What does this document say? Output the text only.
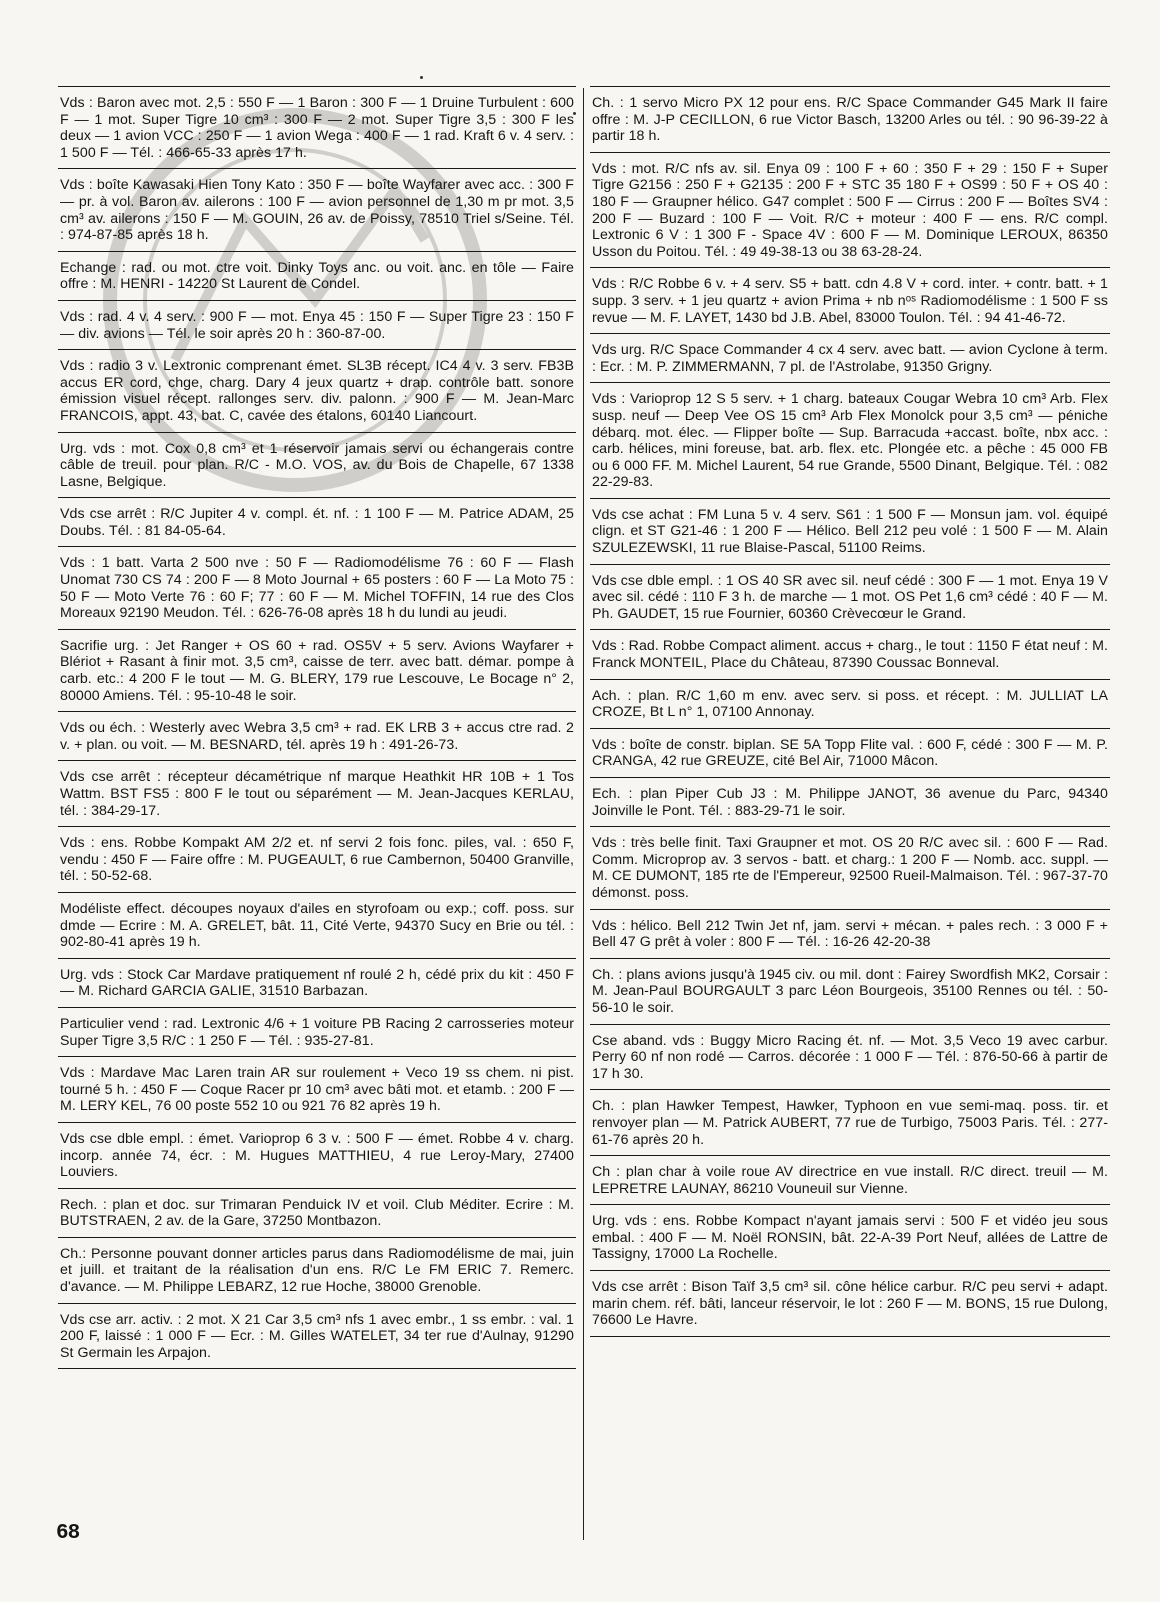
Vds : Baron avec mot. 2,5 : 550 F — 1 Baron : 300 F — 1 Druine Turbulent : 600 F — 1 mot. Super Tigre 10 cm³ : 300 F — 2 mot. Super Tigre 3,5 : 300 F les deux — 1 avion VCC : 250 F — 1 avion Wega : 400 F — 1 rad. Kraft 6 v. 4 serv. : 1 500 F — Tél. : 466-65-33 après 17 h.
Vds : boîte Kawasaki Hien Tony Kato : 350 F — boîte Wayfarer avec acc. : 300 F — pr. à vol. Baron av. ailerons : 100 F — avion personnel de 1,30 m pr mot. 3,5 cm³ av. ailerons : 150 F — M. GOUIN, 26 av. de Poissy, 78510 Triel s/Seine. Tél. : 974-87-85 après 18 h.
Echange : rad. ou mot. ctre voit. Dinky Toys anc. ou voit. anc. en tôle — Faire offre : M. HENRI - 14220 St Laurent de Condel.
Vds : rad. 4 v. 4 serv. : 900 F — mot. Enya 45 : 150 F — Super Tigre 23 : 150 F — div. avions — Tél. le soir après 20 h : 360-87-00.
Vds : radio 3 v. Lextronic comprenant émet. SL3B récept. IC4 4 v. 3 serv. FB3B accus ER cord, chge, charg. Dary 4 jeux quartz + drap. contrôle batt. sonore émission visuel récept. rallonges serv. div. palonn. : 900 F — M. Jean-Marc FRANCOIS, appt. 43, bat. C, cavée des étalons, 60140 Liancourt.
Urg. vds : mot. Cox 0,8 cm³ et 1 réservoir jamais servi ou échangerais contre câble de treuil. pour plan. R/C - M.O. VOS, av. du Bois de Chapelle, 67 1338 Lasne, Belgique.
Vds cse arrêt : R/C Jupiter 4 v. compl. ét. nf. : 1 100 F — M. Patrice ADAM, 25 Doubs. Tél. : 81 84-05-64.
Vds : 1 batt. Varta 2 500 nve : 50 F — Radiomodélisme 76 : 60 F — Flash Unomat 730 CS 74 : 200 F — 8 Moto Journal + 65 posters : 60 F — La Moto 75 : 50 F — Moto Verte 76 : 60 F; 77 : 60 F — M. Michel TOFFIN, 14 rue des Clos Moreaux 92190 Meudon. Tél. : 626-76-08 après 18 h du lundi au jeudi.
Sacrifie urg. : Jet Ranger + OS 60 + rad. OS5V + 5 serv. Avions Wayfarer + Blériot + Rasant à finir mot. 3,5 cm³, caisse de terr. avec batt. démar. pompe à carb. etc.: 4 200 F le tout — M. G. BLERY, 179 rue Lescouve, Le Bocage n° 2, 80000 Amiens. Tél. : 95-10-48 le soir.
Vds ou éch. : Westerly avec Webra 3,5 cm³ + rad. EK LRB 3 + accus ctre rad. 2 v. + plan. ou voit. — M. BESNARD, tél. après 19 h : 491-26-73.
Vds cse arrêt : récepteur décamétrique nf marque Heathkit HR 10B + 1 Tos Wattm. BST FS5 : 800 F le tout ou séparément — M. Jean-Jacques KERLAU, tél. : 384-29-17.
Vds : ens. Robbe Kompakt AM 2/2 et. nf servi 2 fois fonc. piles, val. : 650 F, vendu : 450 F — Faire offre : M. PUGEAULT, 6 rue Cambernon, 50400 Granville, tél. : 50-52-68.
Modéliste effect. découpes noyaux d'ailes en styrofoam ou exp.; coff. poss. sur dmde — Ecrire : M. A. GRELET, bât. 11, Cité Verte, 94370 Sucy en Brie ou tél. : 902-80-41 après 19 h.
Urg. vds : Stock Car Mardave pratiquement nf roulé 2 h, cédé prix du kit : 450 F — M. Richard GARCIA GALIE, 31510 Barbazan.
Particulier vend : rad. Lextronic 4/6 + 1 voiture PB Racing 2 carrosseries moteur Super Tigre 3,5 R/C : 1 250 F — Tél. : 935-27-81.
Vds : Mardave Mac Laren train AR sur roulement + Veco 19 ss chem. ni pist. tourné 5 h. : 450 F — Coque Racer pr 10 cm³ avec bâti mot. et etamb. : 200 F — M. LERY KEL, 76 00 poste 552 10 ou 921 76 82 après 19 h.
Vds cse dble empl. : émet. Varioprop 6 3 v. : 500 F — émet. Robbe 4 v. charg. incorp. année 74, écr. : M. Hugues MATTHIEU, 4 rue Leroy-Mary, 27400 Louviers.
Rech. : plan et doc. sur Trimaran Penduick IV et voil. Club Méditer. Ecrire : M. BUTSTRAEN, 2 av. de la Gare, 37250 Montbazon.
Ch.: Personne pouvant donner articles parus dans Radiomodélisme de mai, juin et juill. et traitant de la réalisation d'un ens. R/C Le FM ERIC 7. Remerc. d'avance. — M. Philippe LEBARZ, 12 rue Hoche, 38000 Grenoble.
Vds cse arr. activ. : 2 mot. X 21 Car 3,5 cm³ nfs 1 avec embr., 1 ss embr. : val. 1 200 F, laissé : 1 000 F — Ecr. : M. Gilles WATELET, 34 ter rue d'Aulnay, 91290 St Germain les Arpajon.
Ch. : 1 servo Micro PX 12 pour ens. R/C Space Commander G45 Mark II faire offre : M. J-P CECILLON, 6 rue Victor Basch, 13200 Arles ou tél. : 90 96-39-22 à partir 18 h.
Vds : mot. R/C nfs av. sil. Enya 09 : 100 F + 60 : 350 F + 29 : 150 F + Super Tigre G2156 : 250 F + G2135 : 200 F + STC 35 180 F + OS99 : 50 F + OS 40 : 180 F — Graupner hélico. G47 complet : 500 F — Cirrus : 200 F — Boîtes SV4 : 200 F — Buzard : 100 F — Voit. R/C + moteur : 400 F — ens. R/C compl. Lextronic 6 V : 1 300 F - Space 4V : 600 F — M. Dominique LEROUX, 86350 Usson du Poitou. Tél. : 49 49-38-13 ou 38 63-28-24.
Vds : R/C Robbe 6 v. + 4 serv. S5 + batt. cdn 4.8 V + cord. inter. + contr. batt. + 1 supp. 3 serv. + 1 jeu quartz + avion Prima + nb nᵒˢ Radiomodélisme : 1 500 F ss revue — M. F. LAYET, 1430 bd J.B. Abel, 83000 Toulon. Tél. : 94 41-46-72.
Vds urg. R/C Space Commander 4 cx 4 serv. avec batt. — avion Cyclone à term. : Ecr. : M. P. ZIMMERMANN, 7 pl. de l'Astrolabe, 91350 Grigny.
Vds : Varioprop 12 S 5 serv. + 1 charg. bateaux Cougar Webra 10 cm³ Arb. Flex susp. neuf — Deep Vee OS 15 cm³ Arb Flex Monolck pour 3,5 cm³ — péniche débarq. mot. élec. — Flipper boîte — Sup. Barracuda +accast. boîte, nbx acc. : carb. hélices, mini foreuse, bat. arb. flex. etc. Plongée etc. a pêche : 45 000 FB ou 6 000 FF. M. Michel Laurent, 54 rue Grande, 5500 Dinant, Belgique. Tél. : 082 22-29-83.
Vds cse achat : FM Luna 5 v. 4 serv. S61 : 1 500 F — Monsun jam. vol. équipé clign. et ST G21-46 : 1 200 F — Hélico. Bell 212 peu volé : 1 500 F — M. Alain SZULEZEWSKI, 11 rue Blaise-Pascal, 51100 Reims.
Vds cse dble empl. : 1 OS 40 SR avec sil. neuf cédé : 300 F — 1 mot. Enya 19 V avec sil. cédé : 110 F 3 h. de marche — 1 mot. OS Pet 1,6 cm³ cédé : 40 F — M. Ph. GAUDET, 15 rue Fournier, 60360 Crèvecœur le Grand.
Vds : Rad. Robbe Compact aliment. accus + charg., le tout : 1150 F état neuf : M. Franck MONTEIL, Place du Château, 87390 Coussac Bonneval.
Ach. : plan. R/C 1,60 m env. avec serv. si poss. et récept. : M. JULLIAT LA CROZE, Bt L n° 1, 07100 Annonay.
Vds : boîte de constr. biplan. SE 5A Topp Flite val. : 600 F, cédé : 300 F — M. P. CRANGA, 42 rue GREUZE, cité Bel Air, 71000 Mâcon.
Ech. : plan Piper Cub J3 : M. Philippe JANOT, 36 avenue du Parc, 94340 Joinville le Pont. Tél. : 883-29-71 le soir.
Vds : très belle finit. Taxi Graupner et mot. OS 20 R/C avec sil. : 600 F — Rad. Comm. Microprop av. 3 servos - batt. et charg.: 1 200 F — Nomb. acc. suppl. — M. CE DUMONT, 185 rte de l'Empereur, 92500 Rueil-Malmaison. Tél. : 967-37-70 démonst. poss.
Vds : hélico. Bell 212 Twin Jet nf, jam. servi + mécan. + pales rech. : 3 000 F + Bell 47 G prêt à voler : 800 F — Tél. : 16-26 42-20-38
Ch. : plans avions jusqu'à 1945 civ. ou mil. dont : Fairey Swordfish MK2, Corsair : M. Jean-Paul BOURGAULT 3 parc Léon Bourgeois, 35100 Rennes ou tél. : 50-56-10 le soir.
Cse aband. vds : Buggy Micro Racing ét. nf. — Mot. 3,5 Veco 19 avec carbur. Perry 60 nf non rodé — Carros. décorée : 1 000 F — Tél. : 876-50-66 à partir de 17 h 30.
Ch. : plan Hawker Tempest, Hawker, Typhoon en vue semi-maq. poss. tir. et renvoyer plan — M. Patrick AUBERT, 77 rue de Turbigo, 75003 Paris. Tél. : 277-61-76 après 20 h.
Ch : plan char à voile roue AV directrice en vue install. R/C direct. treuil — M. LEPRETRE LAUNAY, 86210 Vouneuil sur Vienne.
Urg. vds : ens. Robbe Kompact n'ayant jamais servi : 500 F et vidéo jeu sous embal. : 400 F — M. Noël RONSIN, bât. 22-A-39 Port Neuf, allées de Lattre de Tassigny, 17000 La Rochelle.
Vds cse arrêt : Bison Taïf 3,5 cm³ sil. cône hélice carbur. R/C peu servi + adapt. marin chem. réf. bâti, lanceur réservoir, le lot : 260 F — M. BONS, 15 rue Dulong, 76600 Le Havre.
68
